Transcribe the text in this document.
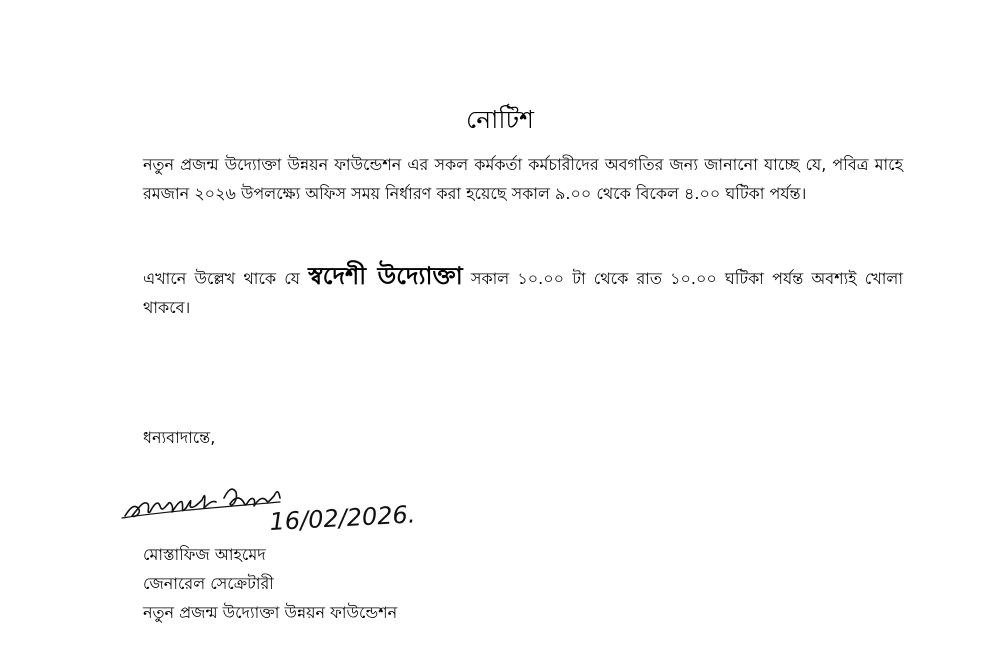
নোটিশ

নতুন প্রজন্ম উদ্যোক্তা উন্নয়ন ফাউন্ডেশন এর সকল কর্মকর্তা কর্মচারীদের অবগতির জন্য জানানো যাচ্ছে যে, পবিত্র মাহে রমজান ২০২৬ উপলক্ষ্যে অফিস সময় নির্ধারণ করা হয়েছে সকাল ৯.০০ থেকে বিকেল ৪.০০ ঘটিকা পর্যন্ত।

এখানে উল্লেখ থাকে যে স্বদেশী উদ্যোক্তা সকাল ১০.০০ টা থেকে রাত ১০.০০ ঘটিকা পর্যন্ত অবশ্যই খোলা থাকবে।

ধন্যবাদান্তে,

16/02/2026.
মোস্তাফিজ আহমেদ
জেনারেল সেক্রেটারী
নতুন প্রজন্ম উদ্যোক্তা উন্নয়ন ফাউন্ডেশন
